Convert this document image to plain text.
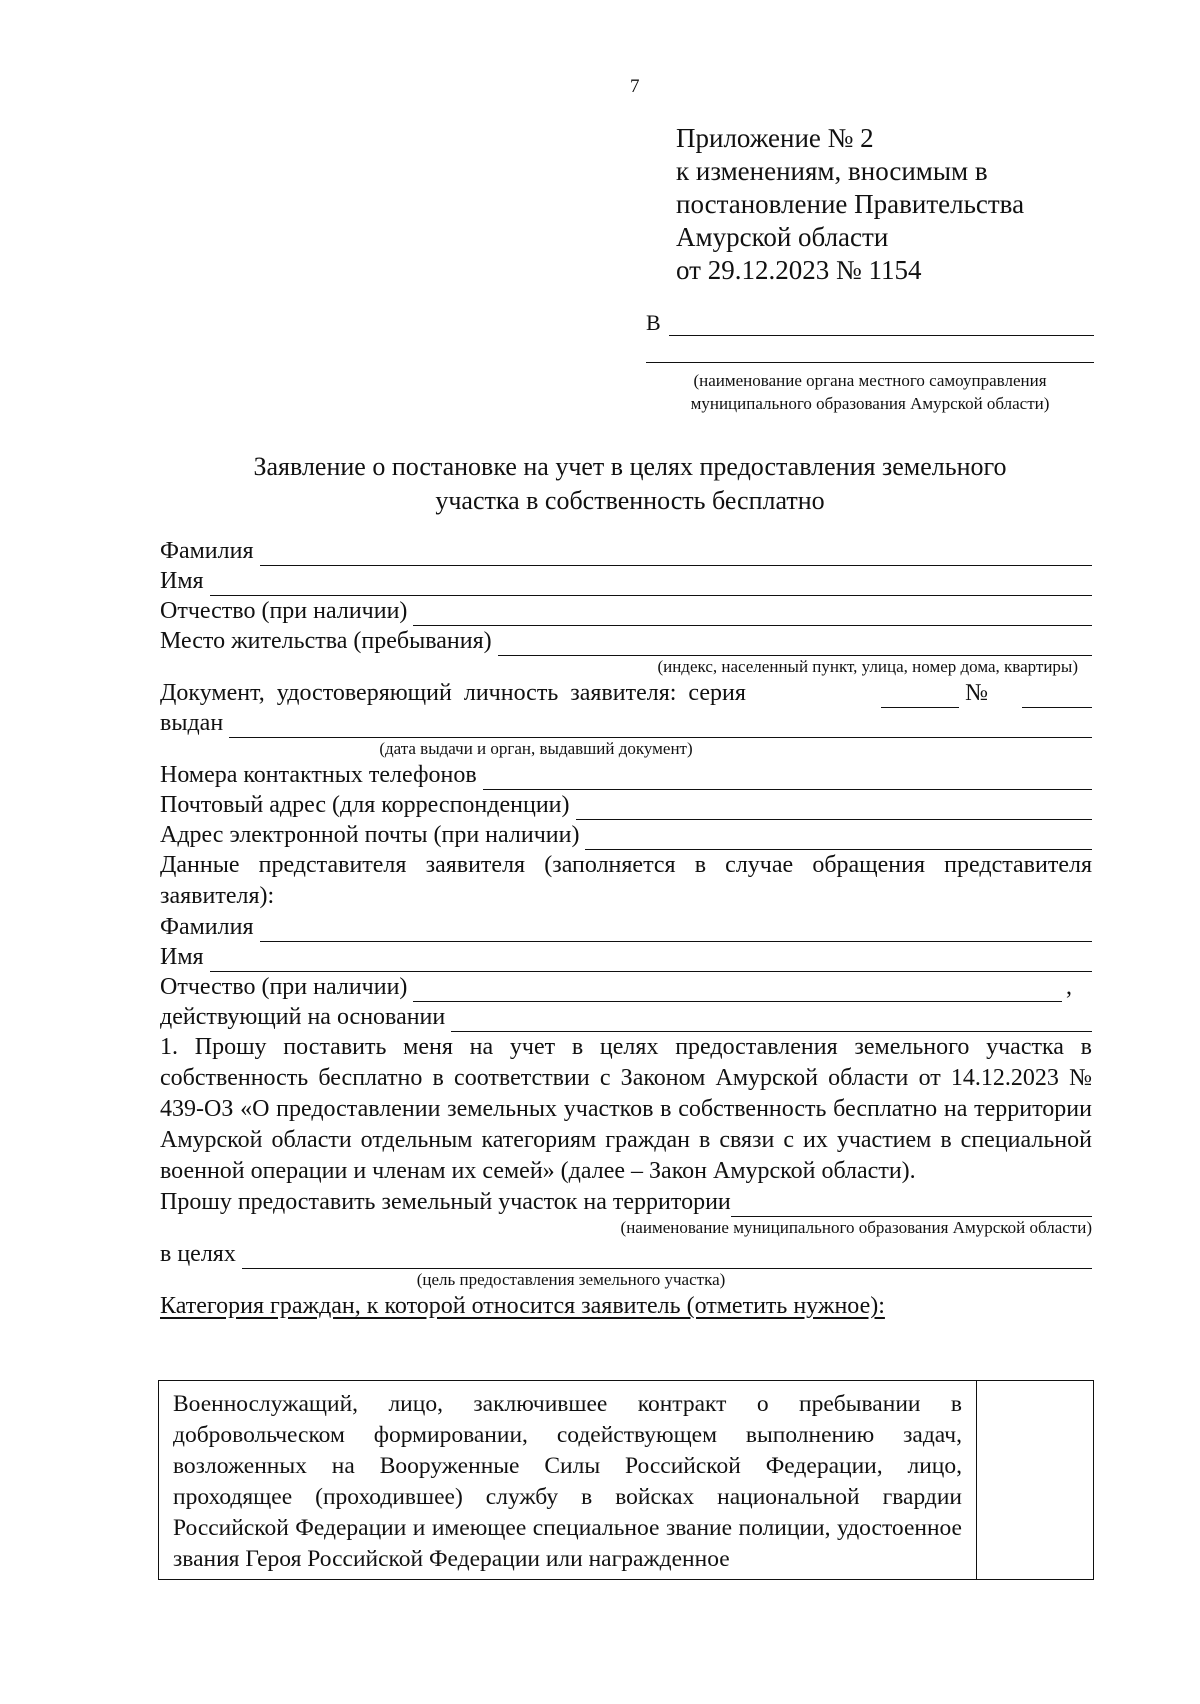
7
Приложение № 2
к изменениям, вносимым в
постановление Правительства
Амурской области
от 29.12.2023 № 1154
В
(наименование органа местного самоуправления
муниципального образования Амурской области)
Заявление о постановке на учет в целях предоставления земельного
участка в собственность бесплатно
Фамилия
Имя
Отчество (при наличии)
Место жительства (пребывания)
(индекс, населенный пункт, улица, номер дома, квартиры)
Документ,  удостоверяющий  личность  заявителя:  серия	№
выдан
(дата выдачи и орган, выдавший документ)
Номера контактных телефонов
Почтовый адрес (для корреспонденции)
Адрес электронной почты (при наличии)
Данные представителя заявителя (заполняется в случае обращения представителя заявителя):
Фамилия
Имя
Отчество (при наличии)	,
действующий на основании
1. Прошу поставить меня на учет в целях предоставления земельного участка в собственность бесплатно в соответствии с Законом Амурской области от 14.12.2023 № 439-ОЗ «О предоставлении земельных участков в собственность бесплатно на территории Амурской области отдельным категориям граждан в связи с их участием в специальной военной операции и членам их семей» (далее – Закон Амурской области).
Прошу предоставить земельный участок на территории
(наименование муниципального образования Амурской области)
в целях
(цель предоставления земельного участка)
Категория граждан, к которой относится заявитель (отметить нужное):
Военнослужащий, лицо, заключившее контракт о пребывании в добровольческом формировании, содействующем выполнению задач, возложенных на Вооруженные Силы Российской Федерации, лицо, проходящее (проходившее) службу в войсках национальной гвардии Российской Федерации и имеющее специальное звание полиции, удостоенное звания Героя Российской Федерации или награжденное
